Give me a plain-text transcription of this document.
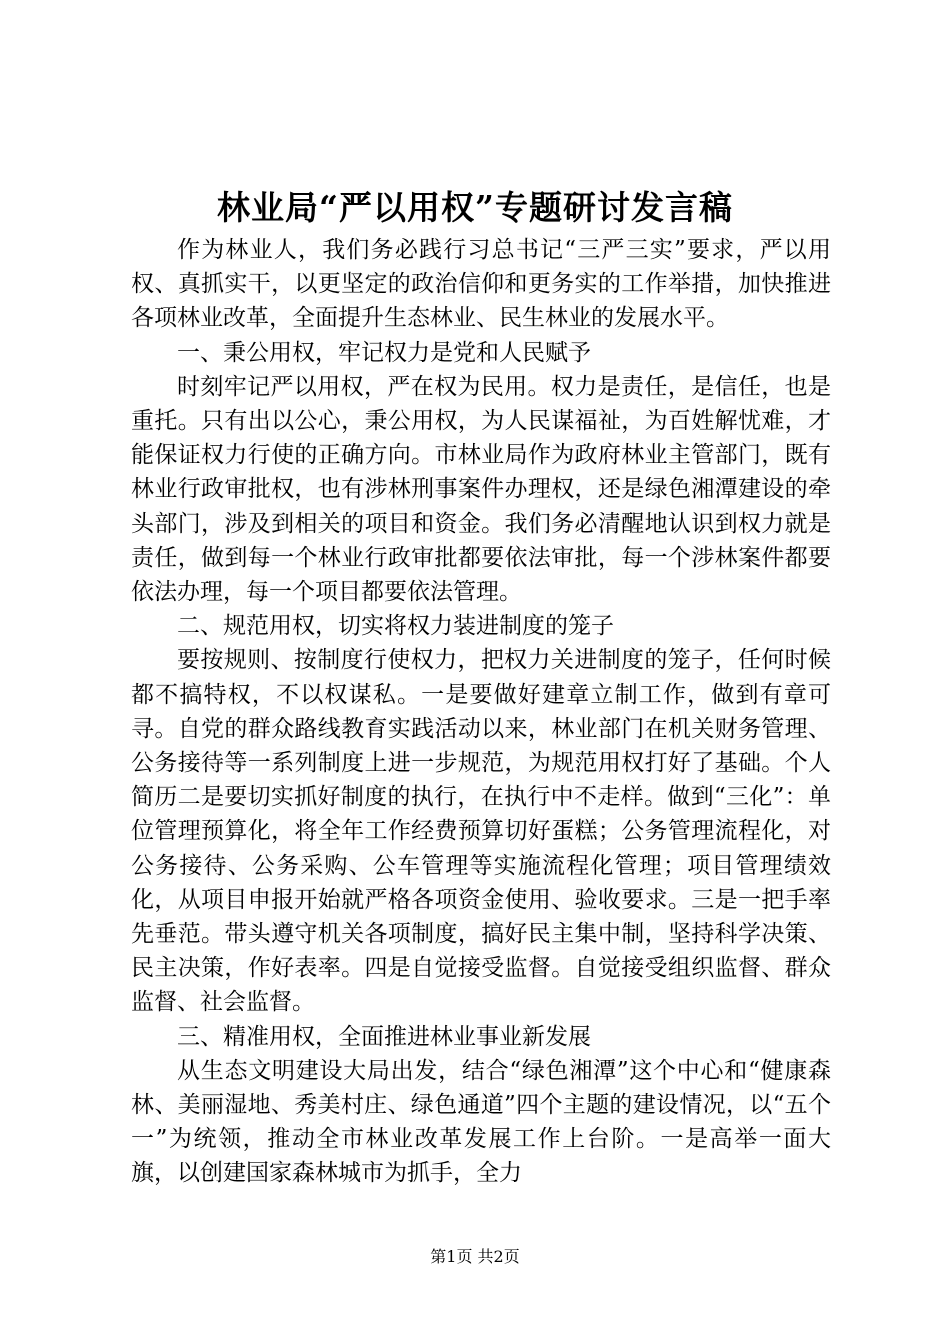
林业局“严以用权”专题研讨发言稿

作为林业人，我们务必践行习总书记“三严三实”要求，严以用权、真抓实干，以更坚定的政治信仰和更务实的工作举措，加快推进各项林业改革，全面提升生态林业、民生林业的发展水平。

一、秉公用权，牢记权力是党和人民赋予

时刻牢记严以用权，严在权为民用。权力是责任，是信任，也是重托。只有出以公心，秉公用权，为人民谋福祉，为百姓解忧难，才能保证权力行使的正确方向。市林业局作为政府林业主管部门，既有林业行政审批权，也有涉林刑事案件办理权，还是绿色湘潭建设的牵头部门，涉及到相关的项目和资金。我们务必清醒地认识到权力就是责任，做到每一个林业行政审批都要依法审批，每一个涉林案件都要依法办理，每一个项目都要依法管理。

二、规范用权，切实将权力装进制度的笼子

要按规则、按制度行使权力，把权力关进制度的笼子，任何时候都不搞特权，不以权谋私。一是要做好建章立制工作，做到有章可寻。自党的群众路线教育实践活动以来，林业部门在机关财务管理、公务接待等一系列制度上进一步规范，为规范用权打好了基础。个人简历二是要切实抓好制度的执行，在执行中不走样。做到“三化”：单位管理预算化，将全年工作经费预算切好蛋糕；公务管理流程化，对公务接待、公务采购、公车管理等实施流程化管理；项目管理绩效化，从项目申报开始就严格各项资金使用、验收要求。三是一把手率先垂范。带头遵守机关各项制度，搞好民主集中制，坚持科学决策、民主决策，作好表率。四是自觉接受监督。自觉接受组织监督、群众监督、社会监督。

三、精准用权，全面推进林业事业新发展

从生态文明建设大局出发，结合“绿色湘潭”这个中心和“健康森林、美丽湿地、秀美村庄、绿色通道”四个主题的建设情况，以“五个一”为统领，推动全市林业改革发展工作上台阶。一是高举一面大旗，以创建国家森林城市为抓手，全力

第1页 共2页
